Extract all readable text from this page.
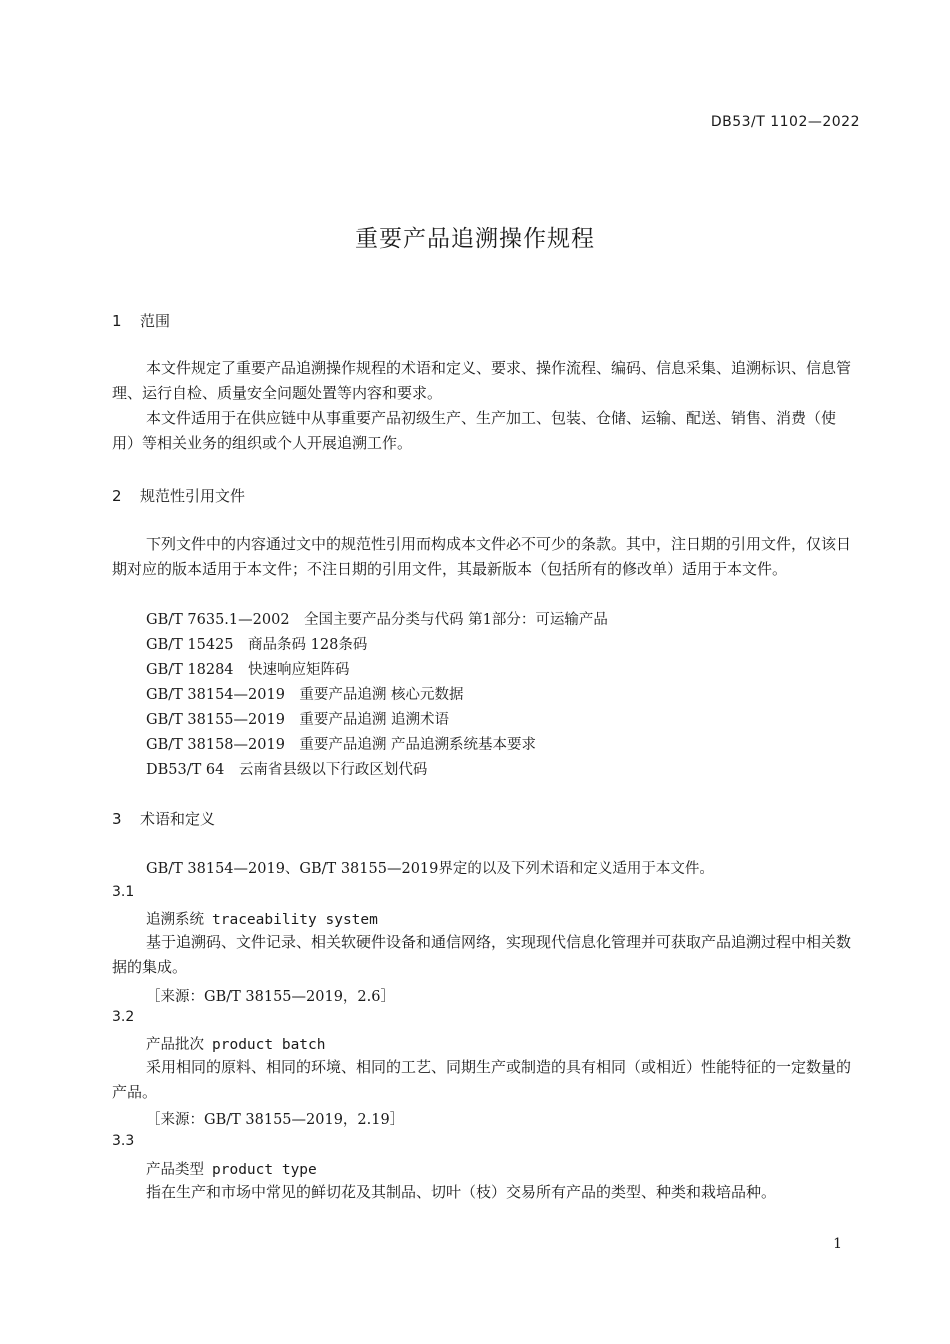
DB53/T 1102—2022
重要产品追溯操作规程
1 范围
本文件规定了重要产品追溯操作规程的术语和定义、要求、操作流程、编码、信息采集、追溯标识、信息管理、运行自检、质量安全问题处置等内容和要求。
本文件适用于在供应链中从事重要产品初级生产、生产加工、包装、仓储、运输、配送、销售、消费（使用）等相关业务的组织或个人开展追溯工作。
2 规范性引用文件
下列文件中的内容通过文中的规范性引用而构成本文件必不可少的条款。其中，注日期的引用文件，仅该日期对应的版本适用于本文件；不注日期的引用文件，其最新版本（包括所有的修改单）适用于本文件。
GB/T 7635.1—2002　全国主要产品分类与代码 第1部分：可运输产品
GB/T 15425　商品条码 128条码
GB/T 18284　快速响应矩阵码
GB/T 38154—2019　重要产品追溯 核心元数据
GB/T 38155—2019　重要产品追溯 追溯术语
GB/T 38158—2019　重要产品追溯 产品追溯系统基本要求
DB53/T 64　云南省县级以下行政区划代码
3 术语和定义
GB/T 38154—2019、GB/T 38155—2019界定的以及下列术语和定义适用于本文件。
3.1
追溯系统 traceability system
基于追溯码、文件记录、相关软硬件设备和通信网络，实现现代信息化管理并可获取产品追溯过程中相关数据的集成。
［来源：GB/T 38155—2019，2.6］
3.2
产品批次 product batch
采用相同的原料、相同的环境、相同的工艺、同期生产或制造的具有相同（或相近）性能特征的一定数量的产品。
［来源：GB/T 38155—2019，2.19］
3.3
产品类型 product type
指在生产和市场中常见的鲜切花及其制品、切叶（枝）交易所有产品的类型、种类和栽培品种。
1
